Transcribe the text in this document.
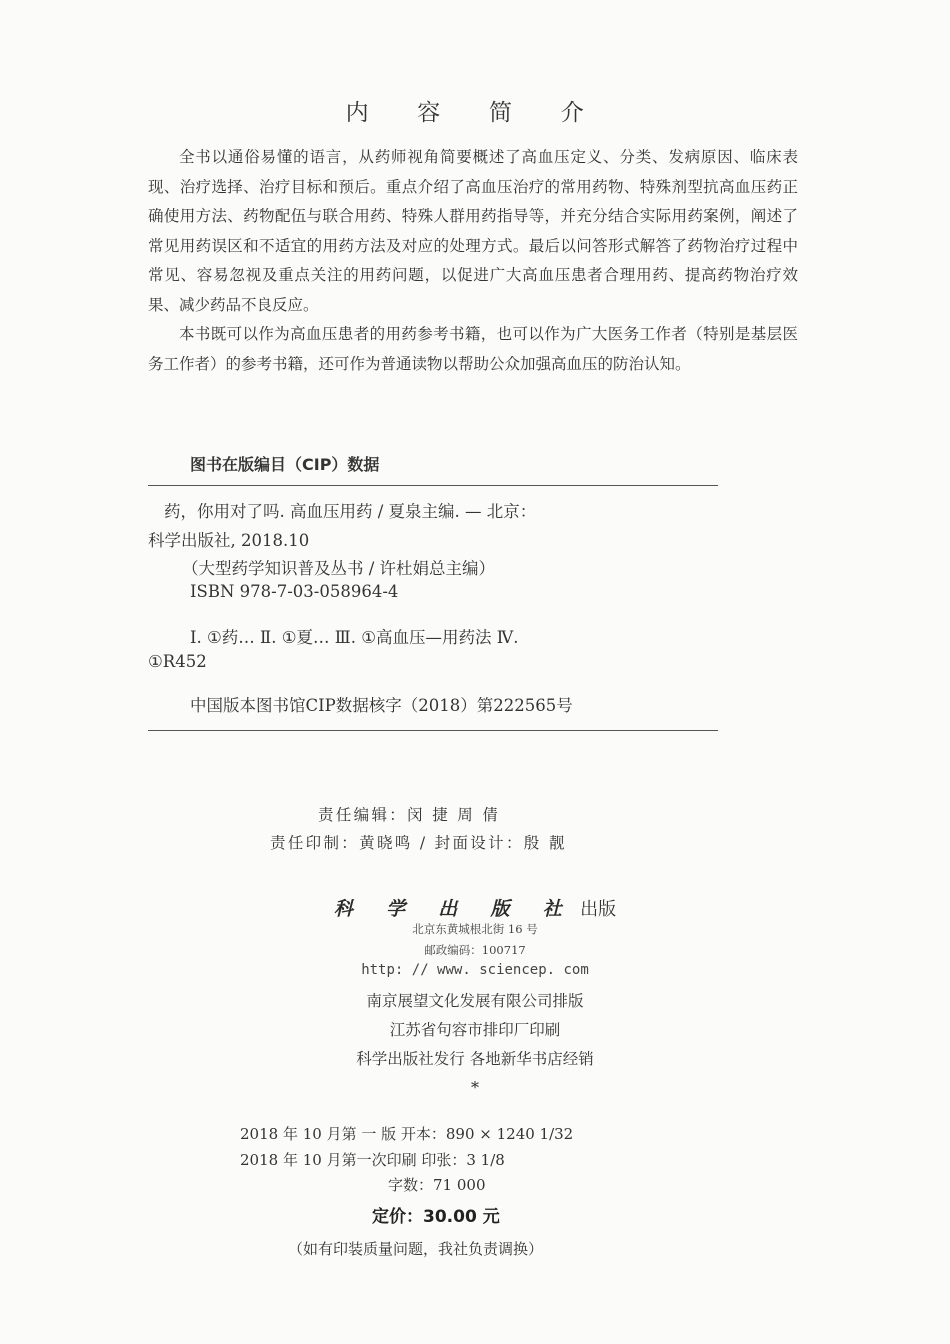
内 容 简 介

全书以通俗易懂的语言，从药师视角简要概述了高血压定义、分类、发病原因、临床表现、治疗选择、治疗目标和预后。重点介绍了高血压治疗的常用药物、特殊剂型抗高血压药正确使用方法、药物配伍与联合用药、特殊人群用药指导等，并充分结合实际用药案例，阐述了常见用药误区和不适宜的用药方法及对应的处理方式。最后以问答形式解答了药物治疗过程中常见、容易忽视及重点关注的用药问题，以促进广大高血压患者合理用药、提高药物治疗效果、减少药品不良反应。

本书既可以作为高血压患者的用药参考书籍，也可以作为广大医务工作者（特别是基层医务工作者）的参考书籍，还可作为普通读物以帮助公众加强高血压的防治认知。

图书在版编目（CIP）数据
药，你用对了吗. 高血压用药 / 夏泉主编. — 北京：
科学出版社, 2018.10
（大型药学知识普及丛书 / 许杜娟总主编）
ISBN 978-7-03-058964-4
Ⅰ. ①药… Ⅱ. ①夏… Ⅲ. ①高血压—用药法 Ⅳ.
①R452
中国版本图书馆CIP数据核字（2018）第222565号
责任编辑：闵 捷 周 倩
责任印制：黄晓鸣 / 封面设计：殷 靓
科 学 出 版 社 出版
北京东黄城根北街 16 号
邮政编码：100717
http: // www. sciencep. com
南京展望文化发展有限公司排版
江苏省句容市排印厂印刷
科学出版社发行 各地新华书店经销
*
2018 年 10 月第 一 版 开本：890 × 1240 1/32
2018 年 10 月第一次印刷 印张：3 1/8
字数：71 000
定价：30.00 元
（如有印装质量问题，我社负责调换）
